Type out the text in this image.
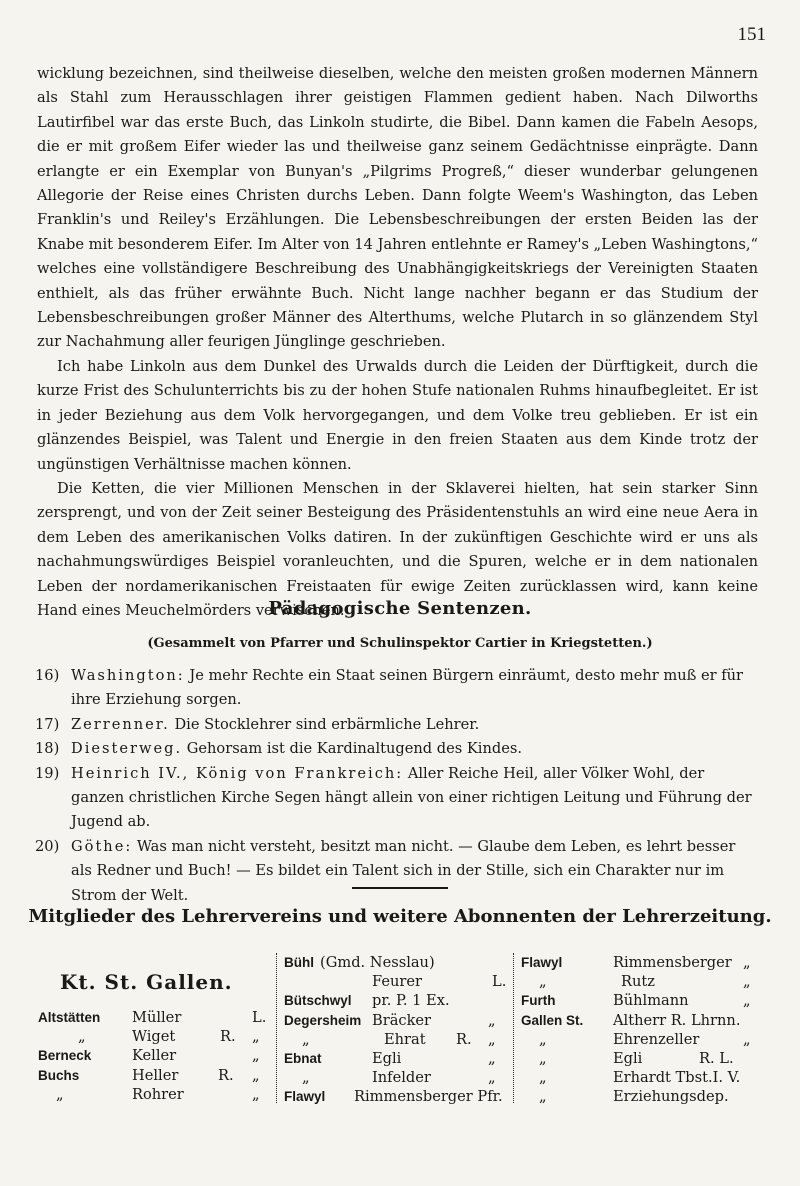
151

wicklung bezeichnen, sind theilweise dieselben, welche den meisten großen modernen Männern als Stahl zum Herausschlagen ihrer geistigen Flammen gedient haben. Nach Dilworths Lautirfibel war das erste Buch, das Linkoln studirte, die Bibel. Dann kamen die Fabeln Aesops, die er mit großem Eifer wieder las und theilweise ganz seinem Gedächtnisse einprägte. Dann erlangte er ein Exemplar von Bunyan's „Pilgrims Progreß,“ dieser wunderbar gelungenen Allegorie der Reise eines Christen durchs Leben. Dann folgte Weem's Washington, das Leben Franklin's und Reiley's Erzählungen. Die Lebensbeschreibungen der ersten Beiden las der Knabe mit besonderem Eifer. Im Alter von 14 Jahren entlehnte er Ramey's „Leben Washingtons,“ welches eine vollständigere Beschreibung des Unabhängigkeitskriegs der Vereinigten Staaten enthielt, als das früher erwähnte Buch. Nicht lange nachher begann er das Studium der Lebensbeschreibungen großer Männer des Alterthums, welche Plutarch in so glänzendem Styl zur Nachahmung aller feurigen Jünglinge geschrieben.

Ich habe Linkoln aus dem Dunkel des Urwalds durch die Leiden der Dürftigkeit, durch die kurze Frist des Schulunterrichts bis zu der hohen Stufe nationalen Ruhms hinaufbegleitet. Er ist in jeder Beziehung aus dem Volk hervorgegangen, und dem Volke treu geblieben. Er ist ein glänzendes Beispiel, was Talent und Energie in den freien Staaten aus dem Kinde trotz der ungünstigen Verhältnisse machen können.

Die Ketten, die vier Millionen Menschen in der Sklaverei hielten, hat sein starker Sinn zersprengt, und von der Zeit seiner Besteigung des Präsidentenstuhls an wird eine neue Aera in dem Leben des amerikanischen Volks datiren. In der zukünftigen Geschichte wird er uns als nachahmungswürdiges Beispiel voranleuchten, und die Spuren, welche er in dem nationalen Leben der nordamerikanischen Freistaaten für ewige Zeiten zurücklassen wird, kann keine Hand eines Meuchelmörders verwischen.

Pädagogische Sentenzen.
(Gesammelt von Pfarrer und Schulinspektor Cartier in Kriegstetten.)
16) Washington: Je mehr Rechte ein Staat seinen Bürgern einräumt, desto mehr muß er für ihre Erziehung sorgen.
17) Zerrenner. Die Stocklehrer sind erbärmliche Lehrer.
18) Diesterweg. Gehorsam ist die Kardinaltugend des Kindes.
19) Heinrich IV., König von Frankreich: Aller Reiche Heil, aller Völker Wohl, der ganzen christlichen Kirche Segen hängt allein von einer richtigen Leitung und Führung der Jugend ab.
20) Göthe: Was man nicht versteht, besitzt man nicht. — Glaube dem Leben, es lehrt besser als Redner und Buch! — Es bildet ein Talent sich in der Stille, sich ein Charakter nur im Strom der Welt.
Mitglieder des Lehrervereins und weitere Abonnenten der Lehrerzeitung.
Kt. St. Gallen.
Altstätten Müller	L.
„	Wiget	R. „
Berneck	Keller	„
Buchs	Heller	R. „
„	Rohrer	„
Bühl (Gmd. Nesslau)
Feurer	L.
Bütschwyl pr. P. 1 Ex.
Degersheim Bräcker	„
„	Ehrat R. „
Ebnat	Egli	„
„	Infelder	„
Flawyl Rimmensberger Pfr.
Flawyl	Rimmensberger „
„	Rutz	„
Furth	Bühlmann	„
Gallen St. Altherr R. Lhrnn.
„	Ehrenzeller	„
„	Egli	R. L.
„	Erhardt Tbst.I. V.
„	Erziehungsdep.
